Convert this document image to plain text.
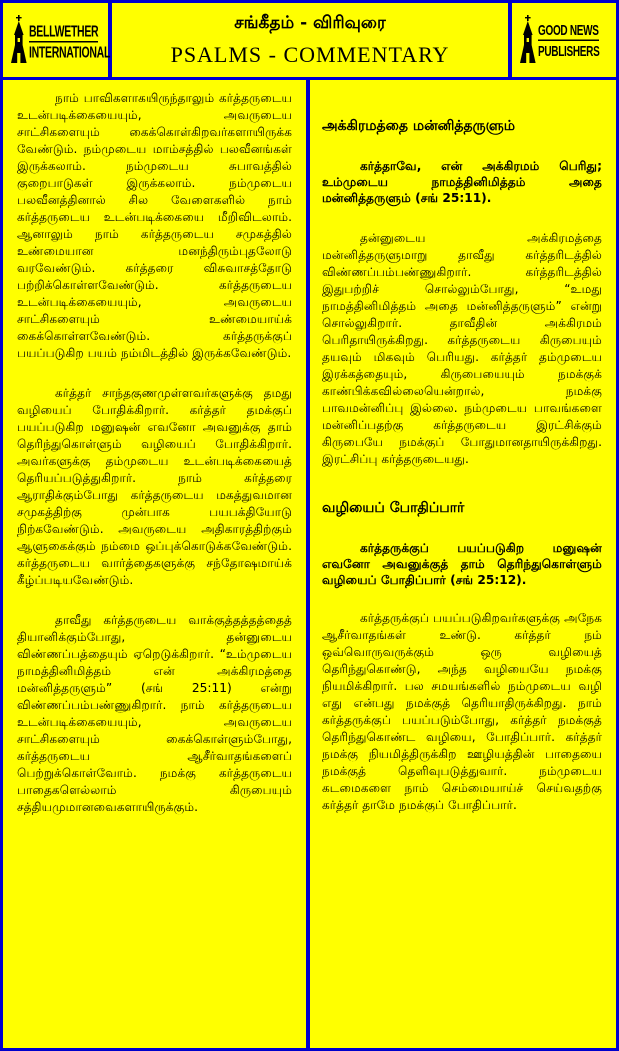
BELLWETHER
INTERNATIONAL
சங்கீதம் - விரிவுரை
PSALMS - COMMENTARY
GOOD NEWS
PUBLISHERS

நாம் பாவிகளாகயிருந்தாலும் கர்த்தருடைய உடன்படிக்கையையும், அவருடைய சாட்சிகளையும் கைக்கொள்கிறவர்களாயிருக்க வேண்டும். நம்முடைய மாம்சத்தில் பலவீனங்கள் இருக்கலாம். நம்முடைய சுபாவத்தில் குறைபாடுகள் இருக்கலாம். நம்முடைய பலவீனத்தினால் சில வேளைகளில் நாம் கர்த்தருடைய உடன்படிக்கையை மீறிவிடலாம். ஆனாலும் நாம் கர்த்தருடைய சமுகத்தில் உண்மையான மனந்திரும்புதலோடு வரவேண்டும். கர்த்தரை விசுவாசத்தோடு பற்றிக்கொள்ளவேண்டும். கர்த்தருடைய உடன்படிக்கையையும், அவருடைய சாட்சிகளையும் உண்மையாய்க் கைக்கொள்ளவேண்டும். கர்த்தருக்குப் பயப்படுகிற பயம் நம்மிடத்தில் இருக்கவேண்டும்.

கர்த்தர் சாந்தகுணமுள்ளவர்களுக்கு தமது வழியைப் போதிக்கிறார். கர்த்தர் தமக்குப் பயப்படுகிற மனுஷன் எவனோ அவனுக்கு தாம் தெரிந்துகொள்ளும் வழியைப் போதிக்கிறார். அவர்களுக்கு தம்முடைய உடன்படிக்கையைத் தெரியப்படுத்துகிறார். நாம் கர்த்தரை ஆராதிக்கும்போது கர்த்தருடைய மகத்துவமான சமுகத்திற்கு முன்பாக பயபக்தியோடு நிற்கவேண்டும். அவருடைய அதிகாரத்திற்கும் ஆளுகைக்கும் நம்மை ஒப்புக்கொடுக்கவேண்டும். கர்த்தருடைய வார்த்தைகளுக்கு சந்தோஷமாய்க் கீழ்ப்படியவேண்டும்.

தாவீது கர்த்தருடைய வாக்குத்தத்தத்தைத் தியானிக்கும்போது, தன்னுடைய விண்ணப்பத்தையும் ஏறெடுக்கிறார். “உம்முடைய நாமத்தினிமித்தம் என் அக்கிரமத்தை மன்னித்தருளும்” (சங் 25:11) என்று விண்ணப்பம்பண்ணுகிறார். நாம் கர்த்தருடைய உடன்படிக்கையையும், அவருடைய சாட்சிகளையும் கைக்கொள்ளும்போது, கர்த்தருடைய ஆசீர்வாதங்களைப் பெற்றுக்கொள்வோம். நமக்கு கர்த்தருடைய பாதைகளெல்லாம் கிருபையும் சத்தியமுமானவைகளாயிருக்கும்.

அக்கிரமத்தை மன்னித்தருளும்

கர்த்தாவே, என் அக்கிரமம் பெரிது; உம்முடைய நாமத்தினிமித்தம் அதை மன்னித்தருளும் (சங் 25:11).

தன்னுடைய அக்கிரமத்தை மன்னித்தருளுமாறு தாவீது கர்த்தரிடத்தில் விண்ணப்பம்பண்ணுகிறார். கர்த்தரிடத்தில் இதுபற்றிச் சொல்லும்போது, “உமது நாமத்தினிமித்தம் அதை மன்னித்தருளும்” என்று சொல்லுகிறார். தாவீதின் அக்கிரமம் பெரிதாயிருக்கிறது. கர்த்தருடைய கிருபையும் தயவும் மிகவும் பெரியது. கர்த்தர் தம்முடைய இரக்கத்தையும், கிருபையையும் நமக்குக் காண்பிக்கவில்லையென்றால், நமக்கு பாவமன்னிப்பு இல்லை. நம்முடைய பாவங்களை மன்னிப்பதற்கு கர்த்தருடைய இரட்சிக்கும் கிருபையே நமக்குப் போதுமானதாயிருக்கிறது. இரட்சிப்பு கர்த்தருடையது.

வழியைப் போதிப்பார்

கர்த்தருக்குப் பயப்படுகிற மனுஷன் எவனோ அவனுக்குத் தாம் தெரிந்துகொள்ளும் வழியைப் போதிப்பார் (சங் 25:12).

கர்த்தருக்குப் பயப்படுகிறவர்களுக்கு அநேக ஆசீர்வாதங்கள் உண்டு. கர்த்தர் நம் ஒவ்வொருவருக்கும் ஒரு வழியைத் தெரிந்துகொண்டு, அந்த வழியையே நமக்கு நியமிக்கிறார். பல சமயங்களில் நம்முடைய வழி எது என்பது நமக்குத் தெரியாதிருக்கிறது. நாம் கர்த்தருக்குப் பயப்படும்போது, கர்த்தர் நமக்குத் தெரிந்துகொண்ட வழியை, போதிப்பார். கர்த்தர் நமக்கு நியமித்திருக்கிற ஊழியத்தின் பாதையை நமக்குத் தெளிவுபடுத்துவார். நம்முடைய கடமைகளை நாம் செம்மையாய்ச் செய்வதற்கு கர்த்தர் தாமே நமக்குப் போதிப்பார்.
